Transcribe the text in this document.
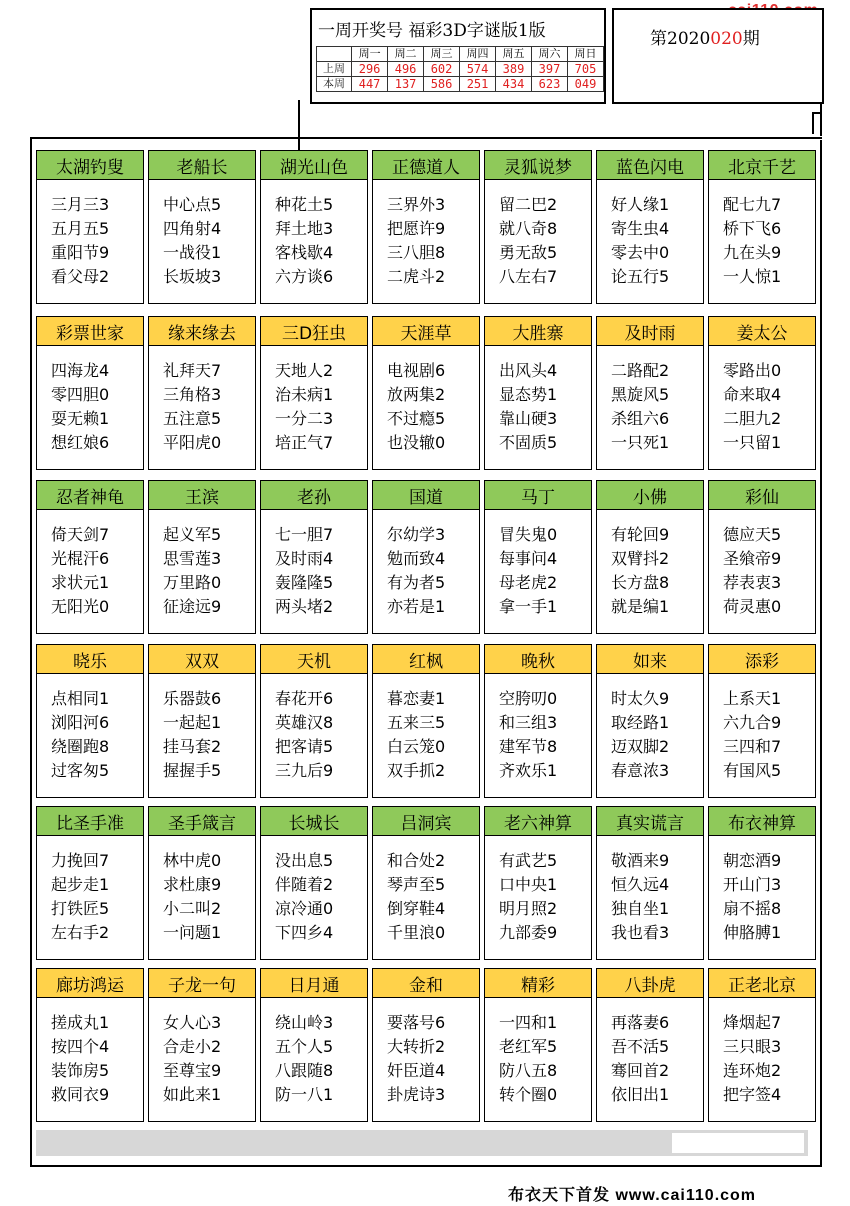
一周开奖号 福彩3D字谜版1版
	周一	周二	周三	周四	周五	周六	周日
上周	296	496	602	574	389	397	705
本周	447	137	586	251	434	623	049
第2020020期
太湖钓叟
三月三3
五月五5
重阳节9
看父母2
老船长
中心点5
四角射4
一战役1
长坂坡3
湖光山色
种花土5
拜土地3
客栈歇4
六方谈6
正德道人
三界外3
把愿许9
三八胆8
二虎斗2
灵狐说梦
留二巴2
就八奇8
勇无敌5
八左右7
蓝色闪电
好人缘1
寄生虫4
零去中0
论五行5
北京千艺
配七九7
桥下飞6
九在头9
一人惊1
彩票世家
四海龙4
零四胆0
耍无赖1
想红娘6
缘来缘去
礼拜天7
三角格3
五注意5
平阳虎0
三D狂虫
天地人2
治未病1
一分二3
培正气7
天涯草
电视剧6
放两集2
不过瘾5
也没辙0
大胜寨
出风头4
显态势1
靠山硬3
不固质5
及时雨
二路配2
黑旋风5
杀组六6
一只死1
姜太公
零路出0
命来取4
二胆九2
一只留1
忍者神龟
倚天剑7
光棍汗6
求状元1
无阳光0
王滨
起义军5
思雪莲3
万里路0
征途远9
老孙
七一胆7
及时雨4
轰隆隆5
两头堵2
国道
尔幼学3
勉而致4
有为者5
亦若是1
马丁
冒失鬼0
每事问4
母老虎2
拿一手1
小佛
有轮回9
双臂抖2
长方盘8
就是编1
彩仙
德应天5
圣飨帝9
荐表衷3
荷灵惠0
晓乐
点相同1
浏阳河6
绕圈跑8
过客匆5
双双
乐器鼓6
一起起1
挂马套2
握握手5
天机
春花开6
英雄汉8
把客请5
三九后9
红枫
暮恋妻1
五来三5
白云笼0
双手抓2
晚秋
空胯叨0
和三组3
建军节8
齐欢乐1
如来
时太久9
取经路1
迈双脚2
春意浓3
添彩
上系天1
六九合9
三四和7
有国风5
比圣手准
力挽回7
起步走1
打铁匠5
左右手2
圣手箴言
林中虎0
求杜康9
小二叫2
一问题1
长城长
没出息5
伴随着2
凉冷通0
下四乡4
吕洞宾
和合处2
琴声至5
倒穿鞋4
千里浪0
老六神算
有武艺5
口中央1
明月照2
九部委9
真实谎言
敬酒来9
恒久远4
独自坐1
我也看3
布衣神算
朝恋酒9
开山门3
扇不摇8
伸胳膊1
廊坊鸿运
搓成丸1
按四个4
装饰房5
救同衣9
子龙一句
女人心3
合走小2
至尊宝9
如此来1
日月通
绕山岭3
五个人5
八跟随8
防一八1
金和
要落号6
大转折2
奸臣道4
卦虎诗3
精彩
一四和1
老红军5
防八五8
转个圈0
八卦虎
再落妻6
吾不活5
骞回首2
依旧出1
正老北京
烽烟起7
三只眼3
连环炮2
把字签4
布衣天下首发 www.cai110.com
